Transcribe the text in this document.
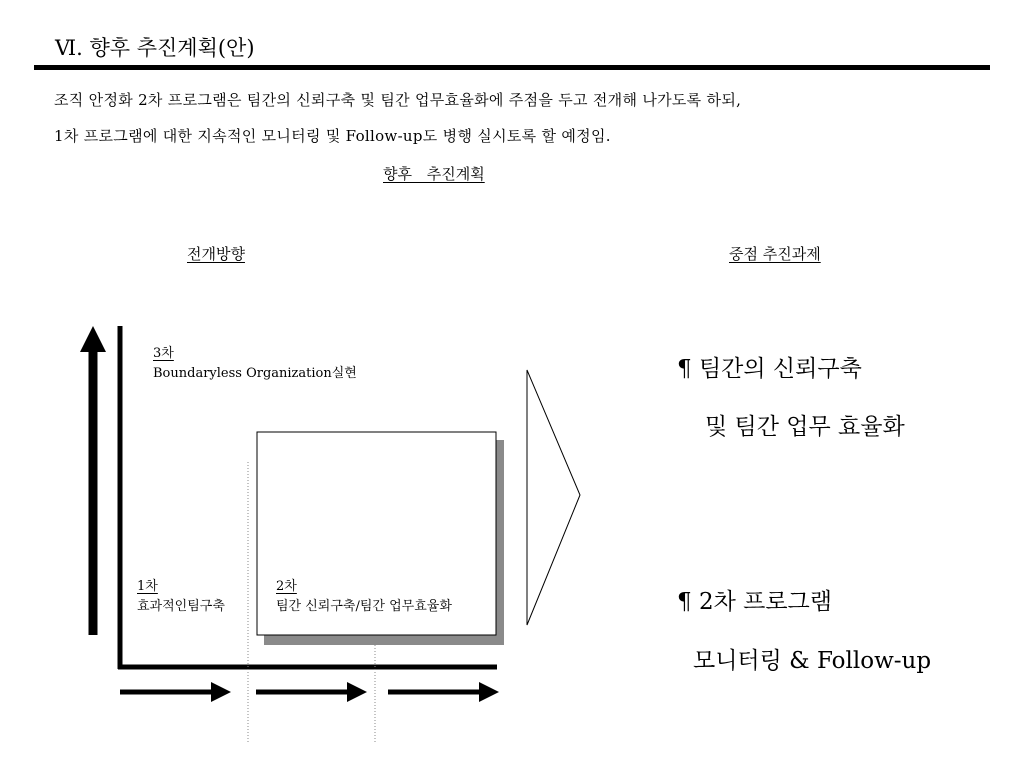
Ⅵ. 향후 추진계획(안)
조직 안정화 2차 프로그램은 팀간의 신뢰구축 및 팀간 업무효율화에 주점을 두고 전개해 나가도록 하되,
1차 프로그램에 대한 지속적인 모니터링 및 Follow-up도 병행 실시토록 할 예정임.
향후 추진계획
전개방향	중점 추진과제
3차
Boundaryless Organization실현
1차
효과적인팀구축
2차
팀간 신뢰구축/팀간 업무효율화
¶ 팀간의 신뢰구축
및 팀간 업무 효율화
¶ 2차 프로그램
모니터링 & Follow-up
